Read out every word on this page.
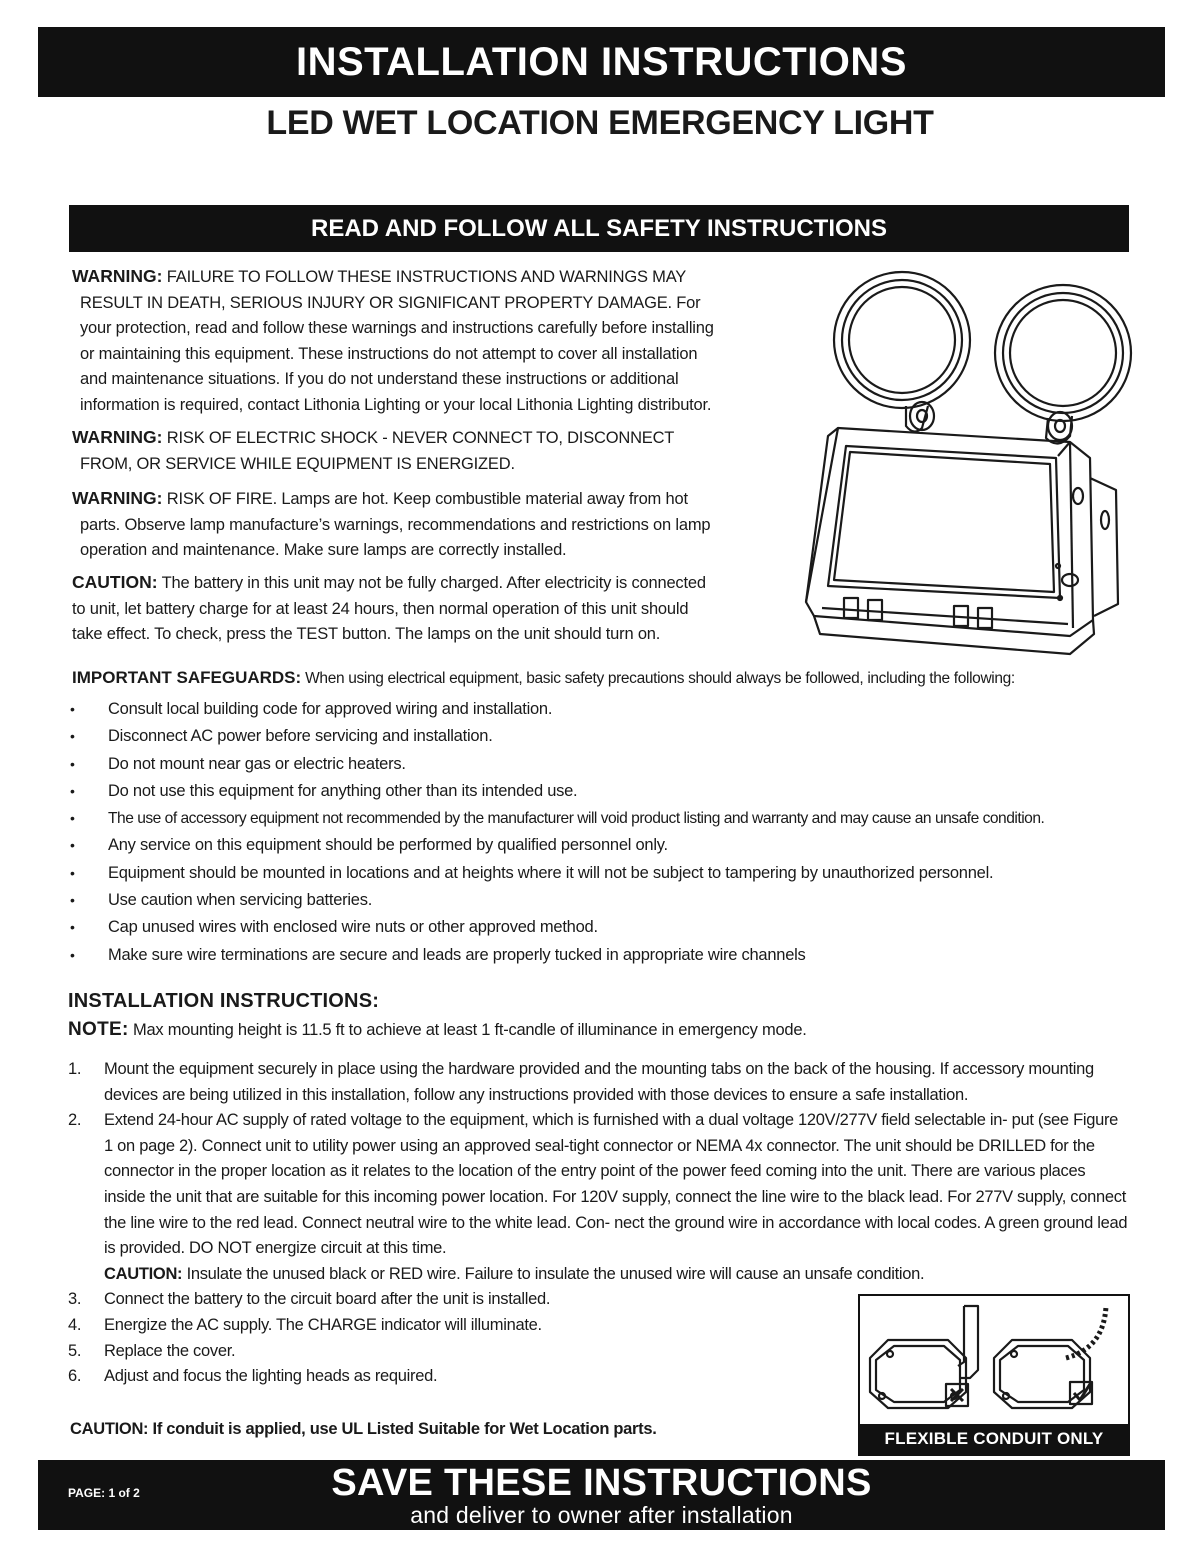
INSTALLATION INSTRUCTIONS
LED WET LOCATION EMERGENCY LIGHT
READ AND FOLLOW ALL SAFETY INSTRUCTIONS
WARNING: FAILURE TO FOLLOW THESE INSTRUCTIONS AND WARNINGS MAY
RESULT IN DEATH, SERIOUS INJURY OR SIGNIFICANT PROPERTY DAMAGE. For
your protection, read and follow these warnings and instructions carefully before installing
or maintaining this equipment. These instructions do not attempt to cover all installation
and maintenance situations. If you do not understand these instructions or additional
information is required, contact Lithonia Lighting or your local Lithonia Lighting distributor.
WARNING: RISK OF ELECTRIC SHOCK - NEVER CONNECT TO, DISCONNECT
FROM, OR SERVICE WHILE EQUIPMENT IS ENERGIZED.
WARNING: RISK OF FIRE. Lamps are hot. Keep combustible material away from hot
parts. Observe lamp manufacture’s warnings, recommendations and restrictions on lamp
operation and maintenance. Make sure lamps are correctly installed.
CAUTION: The battery in this unit may not be fully charged. After electricity is connected
to unit, let battery charge for at least 24 hours, then normal operation of this unit should
take effect. To check, press the TEST button. The lamps on the unit should turn on.
IMPORTANT SAFEGUARDS: When using electrical equipment, basic safety precautions should always be followed, including the following:
• Consult local building code for approved wiring and installation.
• Disconnect AC power before servicing and installation.
• Do not mount near gas or electric heaters.
• Do not use this equipment for anything other than its intended use.
• The use of accessory equipment not recommended by the manufacturer will void product listing and warranty and may cause an unsafe condition.
• Any service on this equipment should be performed by qualified personnel only.
• Equipment should be mounted in locations and at heights where it will not be subject to tampering by unauthorized personnel.
• Use caution when servicing batteries.
• Cap unused wires with enclosed wire nuts or other approved method.
• Make sure wire terminations are secure and leads are properly tucked in appropriate wire channels
INSTALLATION INSTRUCTIONS:
NOTE: Max mounting height is 11.5 ft to achieve at least 1 ft-candle of illuminance in emergency mode.
1. Mount the equipment securely in place using the hardware provided and the mounting tabs on the back of the housing. If accessory mounting devices are being utilized in this installation, follow any instructions provided with those devices to ensure a safe installation.
2. Extend 24-hour AC supply of rated voltage to the equipment, which is furnished with a dual voltage 120V/277V field selectable in- put (see Figure 1 on page 2). Connect unit to utility power using an approved seal-tight connector or NEMA 4x connector. The unit should be DRILLED for the connector in the proper location as it relates to the location of the entry point of the power feed coming into the unit. There are various places inside the unit that are suitable for this incoming power location. For 120V supply, connect the line wire to the black lead. For 277V supply, connect the line wire to the red lead. Connect neutral wire to the white lead. Con- nect the ground wire in accordance with local codes. A green ground lead is provided. DO NOT energize circuit at this time.
CAUTION: Insulate the unused black or RED wire. Failure to insulate the unused wire will cause an unsafe condition.
3. Connect the battery to the circuit board after the unit is installed.
4. Energize the AC supply. The CHARGE indicator will illuminate.
5. Replace the cover.
6. Adjust and focus the lighting heads as required.
FLEXIBLE CONDUIT ONLY
CAUTION: If conduit is applied, use UL Listed Suitable for Wet Location parts.
PAGE: 1 of 2	SAVE THESE INSTRUCTIONS
and deliver to owner after installation
